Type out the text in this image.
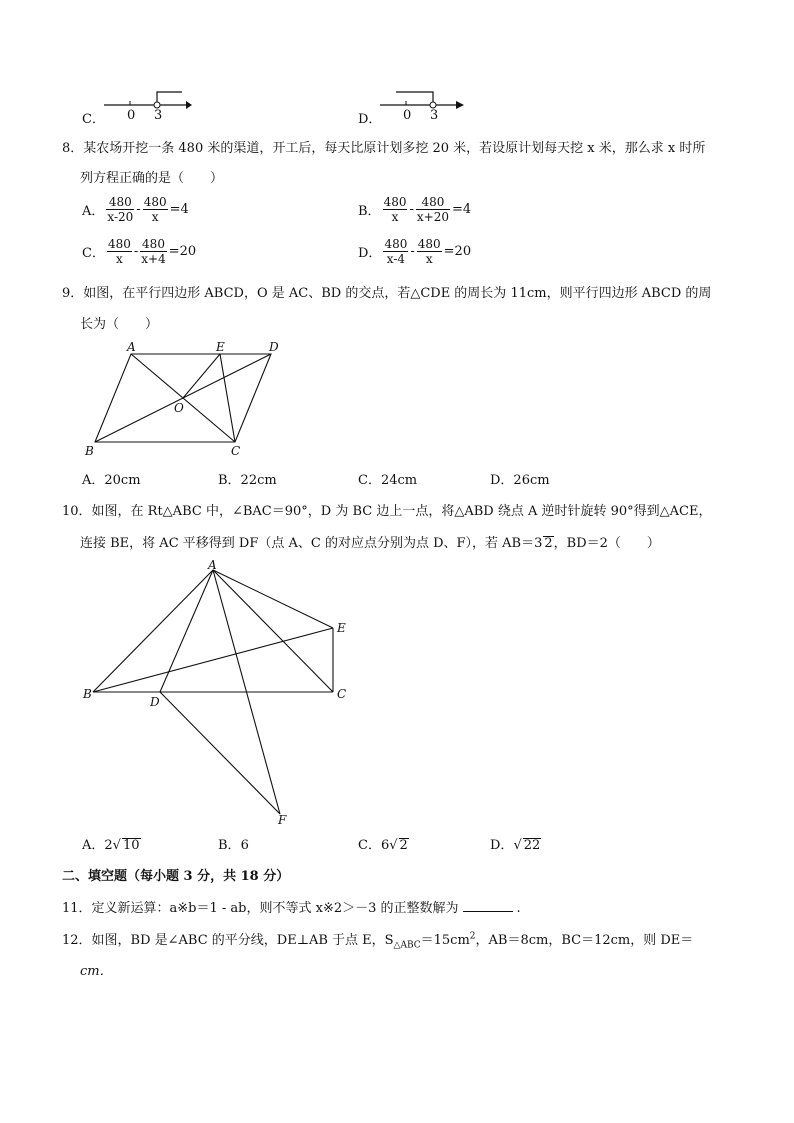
C． 0 3	D． 0 3
8．某农场开挖一条 480 米的渠道，开工后，每天比原计划多挖 20 米，若设原计划每天挖 x 米，那么求 x 时所
列方程正确的是（　　）
A． $\frac{480}{x-20} - \frac{480}{x} =4$	B． $\frac{480}{x} - \frac{480}{x+20} =4$
C． $\frac{480}{x} - \frac{480}{x+4} =20$	D． $\frac{480}{x-4} - \frac{480}{x} =20$
9．如图，在平行四边形 ABCD，O 是 AC、BD 的交点，若△CDE 的周长为 11cm，则平行四边形 ABCD 的周
长为（　　）
A	E	D
O
B	C
A．20cm	B．22cm	C．24cm	D．26cm
10．如图，在 Rt△ABC 中，∠BAC＝90°，D 为 BC 边上一点，将△ABD 绕点 A 逆时针旋转 90°得到△ACE，
连接 BE，将 AC 平移得到 DF（点 A、C 的对应点分别为点 D、F），若 AB＝3 2，BD＝2（　　）
A
E
B
D
C
F
A．2√ 10	B．6	C．6√ 2	D．√ 22
二、填空题（每小题 3 分，共 18 分）
11．定义新运算：a※b＝1 - ab，则不等式 x※2＞－3 的正整数解为	.
12．如图，BD 是∠ABC 的平分线，DE⊥AB 于点 E，$S_{\triangle ABC}=15cm^2$，AB＝8cm，BC＝12cm，则 DE＝
cm．
